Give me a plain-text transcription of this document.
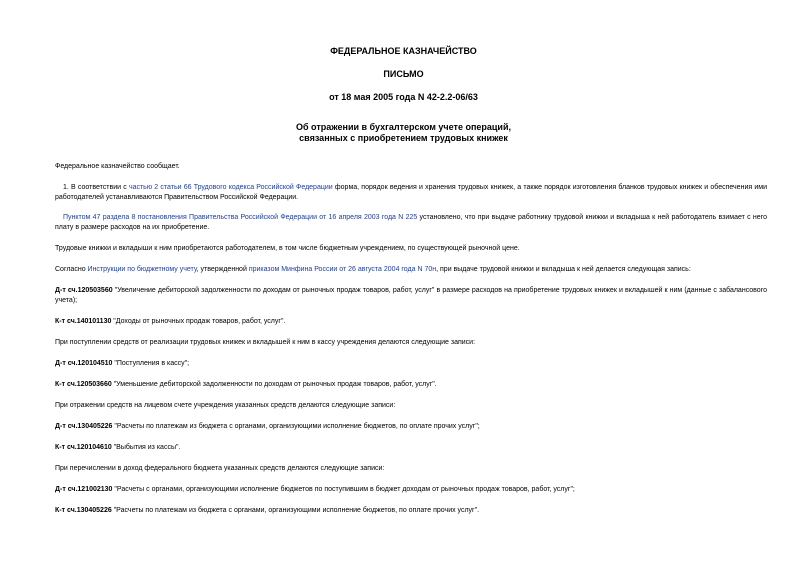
ФЕДЕРАЛЬНОЕ КАЗНАЧЕЙСТВО
ПИСЬМО
от 18 мая 2005 года N 42-2.2-06/63
Об отражении в бухгалтерском учете операций,
связанных с приобретением трудовых книжек
Федеральное казначейство сообщает.
1. В соответствии с частью 2 статьи 66 Трудового кодекса Российской Федерации форма, порядок ведения и хранения трудовых книжек, а также порядок изготовления бланков трудовых книжек и обеспечения ими работодателей устанавливаются Правительством Российской Федерации.
Пунктом 47 раздела 8 постановления Правительства Российской Федерации от 16 апреля 2003 года N 225 установлено, что при выдаче работнику трудовой книжки и вкладыша к ней работодатель взимает с него плату в размере расходов на их приобретение.
Трудовые книжки и вкладыши к ним приобретаются работодателем, в том числе бюджетным учреждением, по существующей рыночной цене.
Согласно Инструкции по бюджетному учету, утвержденной приказом Минфина России от 26 августа 2004 года N 70н, при выдаче трудовой книжки и вкладыша к ней делается следующая запись:
Д-т сч.120503560 "Увеличение дебиторской задолженности по доходам от рыночных продаж товаров, работ, услуг" в размере расходов на приобретение трудовых книжек и вкладышей к ним (данные с забалансового учета);
К-т сч.140101130 "Доходы от рыночных продаж товаров, работ, услуг".
При поступлении средств от реализации трудовых книжек и вкладышей к ним в кассу учреждения делаются следующие записи:
Д-т сч.120104510 "Поступления в кассу";
К-т сч.120503660 "Уменьшение дебиторской задолженности по доходам от рыночных продаж товаров, работ, услуг".
При отражении средств на лицевом счете учреждения указанных средств делаются следующие записи:
Д-т сч.130405226 "Расчеты по платежам из бюджета с органами, организующими исполнение бюджетов, по оплате прочих услуг";
К-т сч.120104610 "Выбытия из кассы".
При перечислении в доход федерального бюджета указанных средств делаются следующие записи:
Д-т сч.121002130 "Расчеты с органами, организующими исполнение бюджетов по поступившим в бюджет доходам от рыночных продаж товаров, работ, услуг";
К-т сч.130405226 "Расчеты по платежам из бюджета с органами, организующими исполнение бюджетов, по оплате прочих услуг".
